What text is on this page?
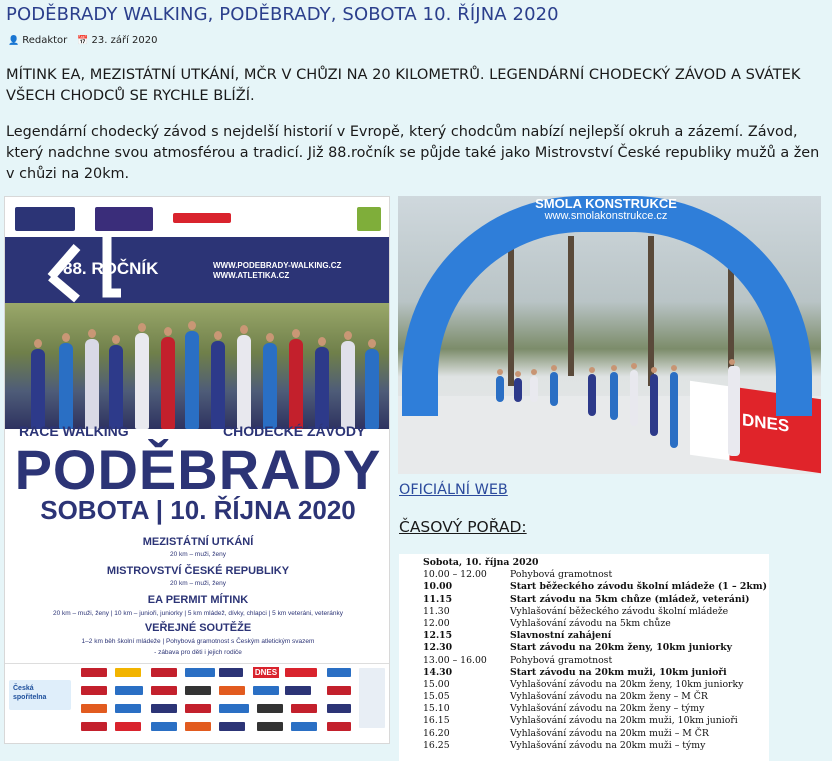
PODĚBRADY WALKING, PODĚBRADY, SOBOTA 10. ŘÍJNA 2020
👤 Redaktor 📅 23. září 2020

MÍTINK EA, MEZISTÁTNÍ UTKÁNÍ, MČR V CHŮZI NA 20 KILOMETRŮ. LEGENDÁRNÍ CHODECKÝ ZÁVOD A SVÁTEK VŠECH CHODCŮ SE RYCHLE BLÍŽÍ.

Legendární chodecký závod s nejdelší historií v Evropě, který chodcům nabízí nejlepší okruh a zázemí. Závod, který nadchne svou atmosférou a tradicí. Již 88.ročník se půjde také jako Mistrovství České republiky mužů a žen v chůzi na 20km.

88. ROČNÍK	WWW.PODEBRADY-WALKING.CZ
WWW.ATLETIKA.CZ
RACE WALKING	CHODECKÉ ZÁVODY
PODĚBRADY
SOBOTA | 10. ŘÍJNA 2020
MEZISTÁTNÍ UTKÁNÍ
20 km – muži, ženy
MISTROVSTVÍ ČESKÉ REPUBLIKY
20 km – muži, ženy
EA PERMIT MÍTINK
20 km – muži, ženy | 10 km – junioři, juniorky | 5 km mládež, dívky, chlapci | 5 km veteráni, veteránky
VEŘEJNÉ SOUTĚŽE
1–2 km běh školní mládeže | Pohybová gramotnost s Českým atletickým svazem
- zábava pro děti i jejich rodiče
Česká spořitelna
DNES
DNES
SMOLA KONSTRUKCE
www.smolakonstrukce.cz
OFICIÁLNÍ WEB
ČASOVÝ POŘAD:
Sobota, 10. října 2020
10.00 – 12.00	Pohybová gramotnost
10.00	Start běžeckého závodu školní mládeže (1 – 2km)
11.15	Start závodu na 5km chůze (mládež, veteráni)
11.30	Vyhlašování běžeckého závodu školní mládeže
12.00	Vyhlašování závodu na 5km chůze
12.15	Slavnostní zahájení
12.30	Start závodu na 20km ženy, 10km juniorky
13.00 – 16.00	Pohybová gramotnost
14.30	Start závodu na 20km muži, 10km junioři
15.00	Vyhlašování závodu na 20km ženy, 10km juniorky
15.05	Vyhlašování závodu na 20km ženy – M ČR
15.10	Vyhlašování závodu na 20km ženy – týmy
16.15	Vyhlašování závodu na 20km muži, 10km junioři
16.20	Vyhlašování závodu na 20km muži – M ČR
16.25	Vyhlašování závodu na 20km muži – týmy
